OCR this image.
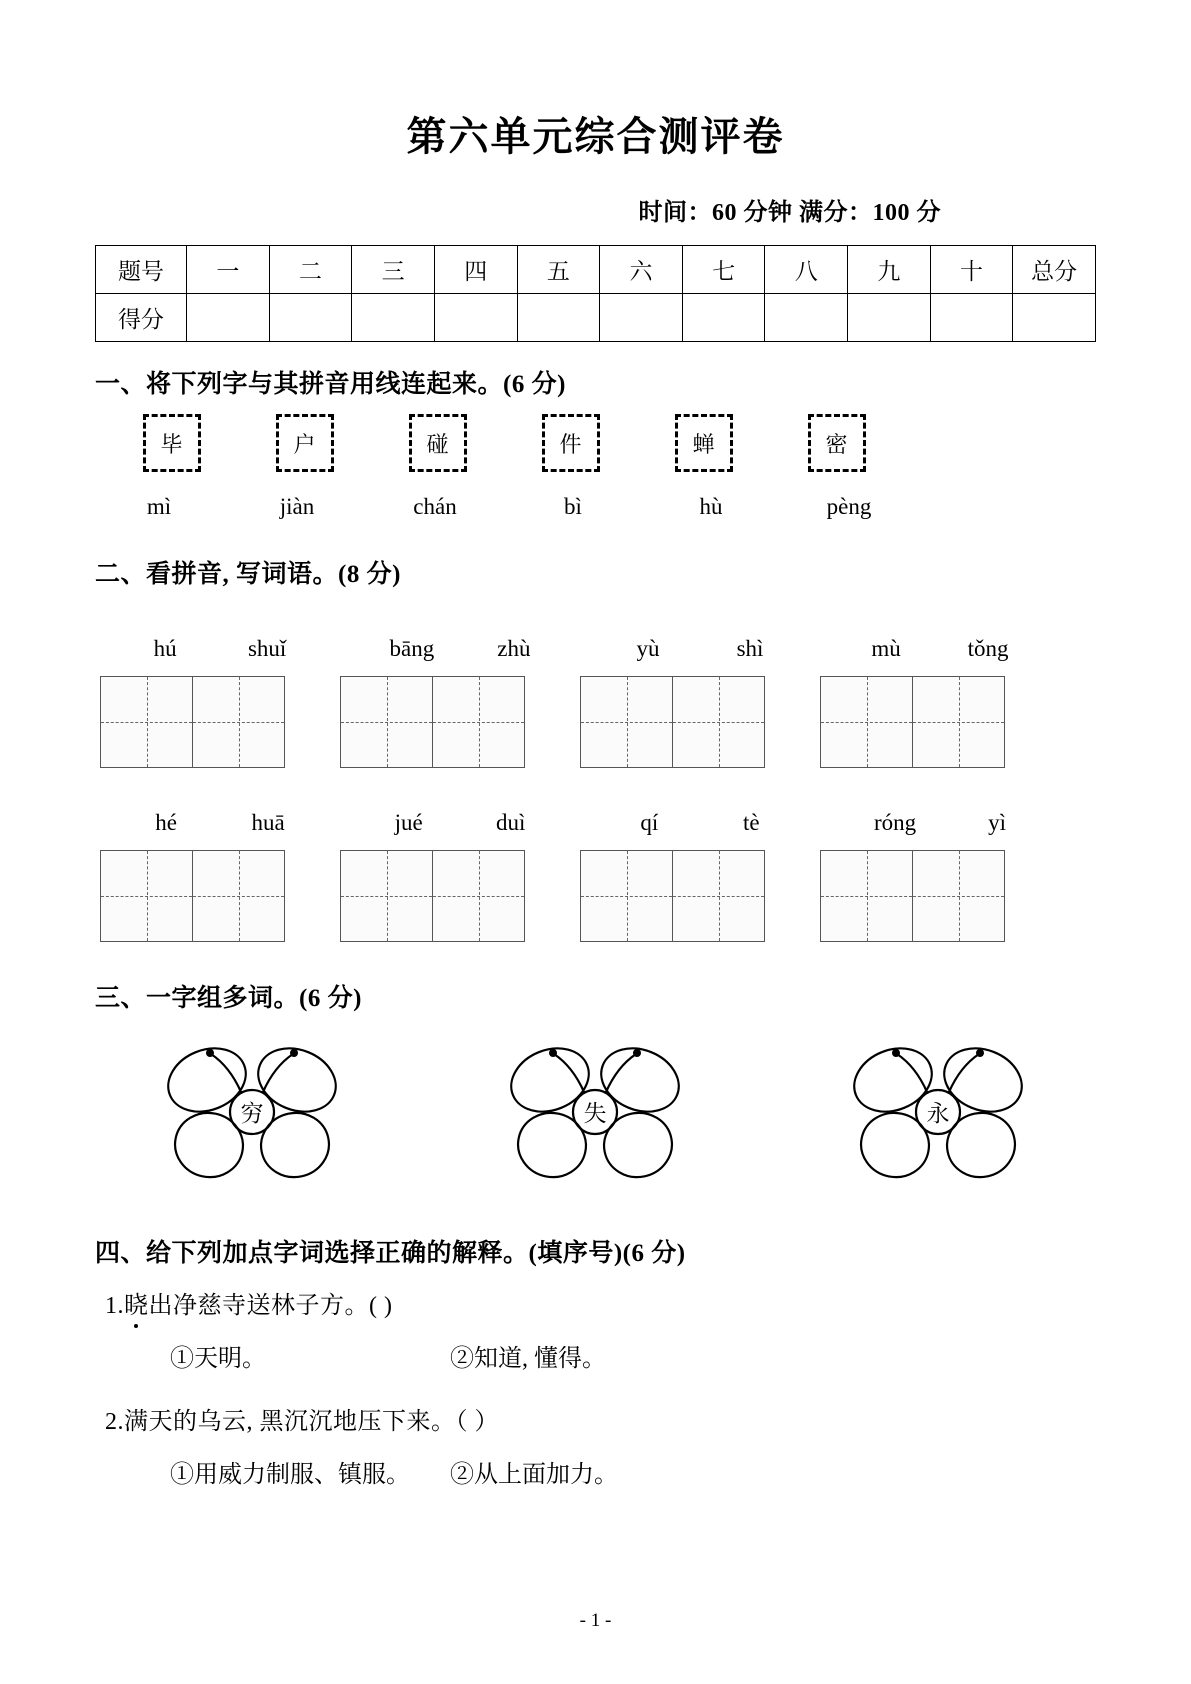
第六单元综合测评卷
时间：60 分钟 满分：100 分
题号	一	二	三	四	五	六	七	八	九	十	总分
得分											
一、将下列字与其拼音用线连起来。(6 分)
毕	户	碰	件	蝉	密
mì	jiàn	chán	bì	hù	pèng
二、看拼音, 写词语。(8 分)
hú	shuǐ	bāng	zhù	yù	shì	mù	tǒng
hé	huā	jué	duì	qí	tè	róng	yì
三、一字组多词。(6 分)
穷	失	永
四、给下列加点字词选择正确的解释。(填序号)(6 分)
1.晓出净慈寺送林子方。( )
①天明。	②知道, 懂得。
2.满天的乌云, 黑沉沉地压下来。（ ）
①用威力制服、镇服。	②从上面加力。
- 1 -
